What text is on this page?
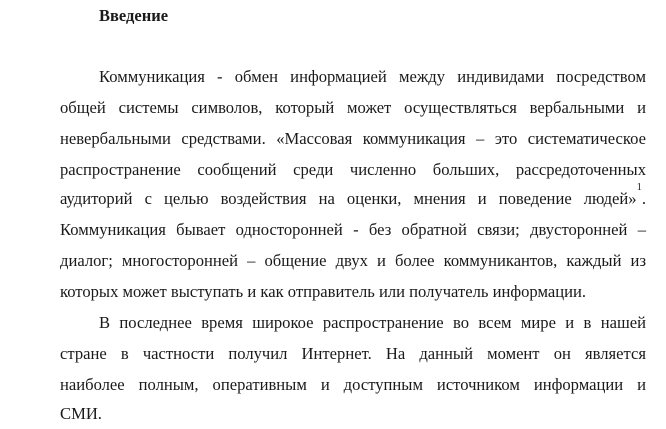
Введение
Коммуникация - обмен информацией между индивидами посредством
общей системы символов, который может осуществляться вербальными и
невербальными средствами. «Массовая коммуникация – это систематическое
распространение сообщений среди численно больших, рассредоточенных
аудиторий с целью воздействия на оценки, мнения и поведение людей»$^1$.
Коммуникация бывает односторонней - без обратной связи; двусторонней –
диалог; многосторонней – общение двух и более коммуникантов, каждый из
которых может выступать и как отправитель или получатель информации.
В последнее время широкое распространение во всем мире и в нашей
стране в частности получил Интернет. На данный момент он является
наиболее полным, оперативным и доступным источником информации и
СМИ.
